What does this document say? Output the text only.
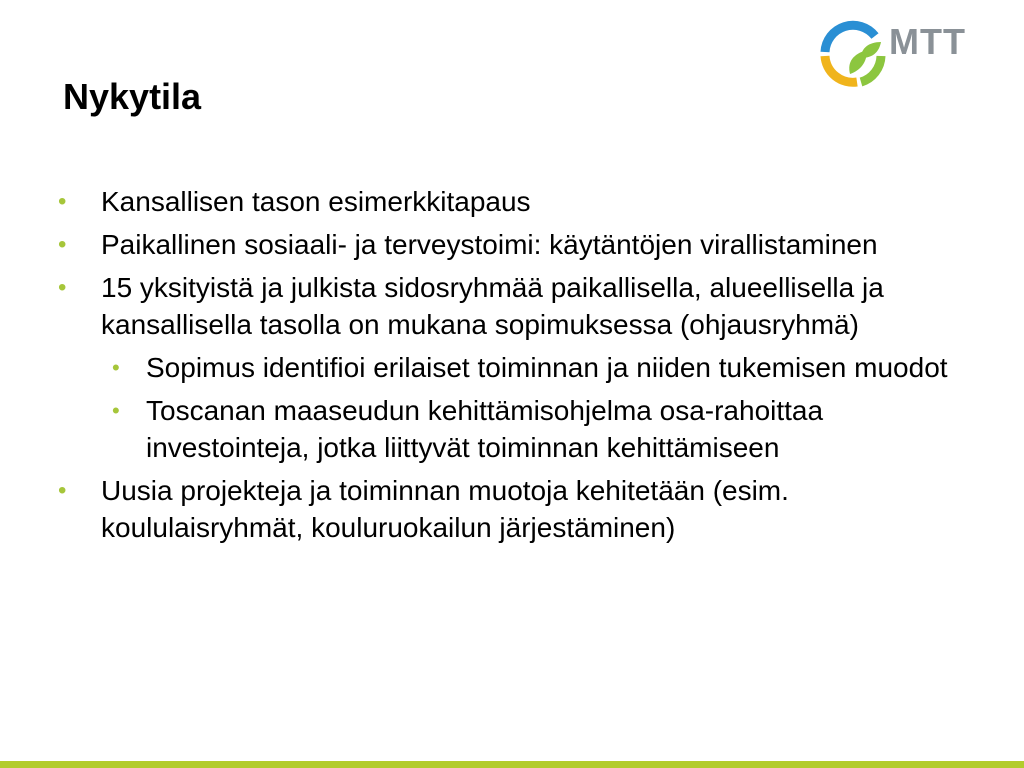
MTT
Nykytila
• Kansallisen tason esimerkkitapaus
• Paikallinen sosiaali- ja terveystoimi: käytäntöjen virallistaminen
• 15 yksityistä ja julkista sidosryhmää paikallisella, alueellisella ja kansallisella tasolla on mukana sopimuksessa (ohjausryhmä)
• Sopimus identifioi erilaiset toiminnan ja niiden tukemisen muodot
• Toscanan maaseudun kehittämisohjelma osa-rahoittaa investointeja, jotka liittyvät toiminnan kehittämiseen
• Uusia projekteja ja toiminnan muotoja kehitetään (esim. koululaisryhmät, kouluruokailun järjestäminen)
